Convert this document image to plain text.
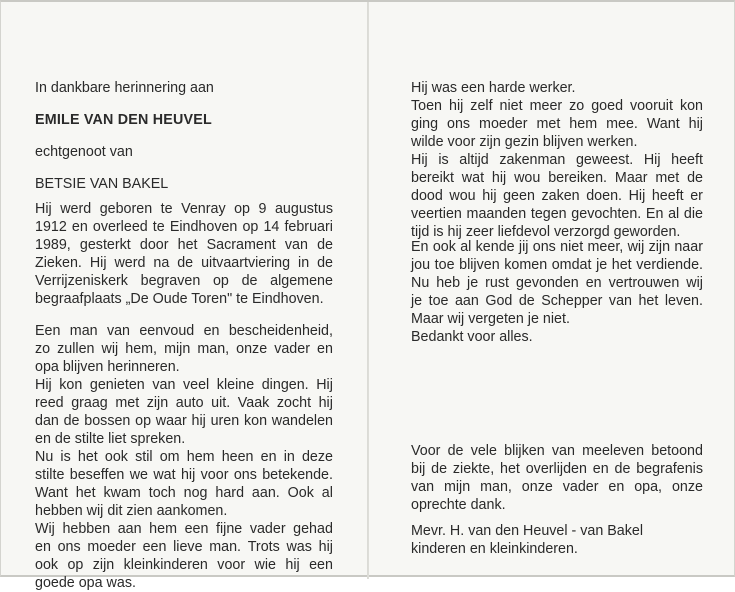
In dankbare herinnering aan
EMILE VAN DEN HEUVEL
echtgenoot van
BETSIE VAN BAKEL
Hij werd geboren te Venray op 9 augustus
1912 en overleed te Eindhoven op 14 februari
1989, gesterkt door het Sacrament van de
Zieken. Hij werd na de uitvaartviering in de
Verrijzeniskerk begraven op de algemene
begraafplaats „De Oude Toren" te Eindhoven.
Een man van eenvoud en bescheidenheid,
zo zullen wij hem, mijn man, onze vader en
opa blijven herinneren.
Hij kon genieten van veel kleine dingen. Hij
reed graag met zijn auto uit. Vaak zocht hij
dan de bossen op waar hij uren kon wandelen
en de stilte liet spreken.
Nu is het ook stil om hem heen en in deze
stilte beseffen we wat hij voor ons betekende.
Want het kwam toch nog hard aan. Ook al
hebben wij dit zien aankomen.
Wij hebben aan hem een fijne vader gehad
en ons moeder een lieve man. Trots was hij
ook op zijn kleinkinderen voor wie hij een
goede opa was.
Hij was een harde werker.
Toen hij zelf niet meer zo goed vooruit kon
ging ons moeder met hem mee. Want hij
wilde voor zijn gezin blijven werken.
Hij is altijd zakenman geweest. Hij heeft
bereikt wat hij wou bereiken. Maar met de
dood wou hij geen zaken doen. Hij heeft er
veertien maanden tegen gevochten. En al die
tijd is hij zeer liefdevol verzorgd geworden.
En ook al kende jij ons niet meer, wij zijn naar
jou toe blijven komen omdat je het verdiende.
Nu heb je rust gevonden en vertrouwen wij
je toe aan God de Schepper van het leven.
Maar wij vergeten je niet.
Bedankt voor alles.
Voor de vele blijken van meeleven betoond
bij de ziekte, het overlijden en de begrafenis
van mijn man, onze vader en opa, onze
oprechte dank.
Mevr. H. van den Heuvel - van Bakel
kinderen en kleinkinderen.
